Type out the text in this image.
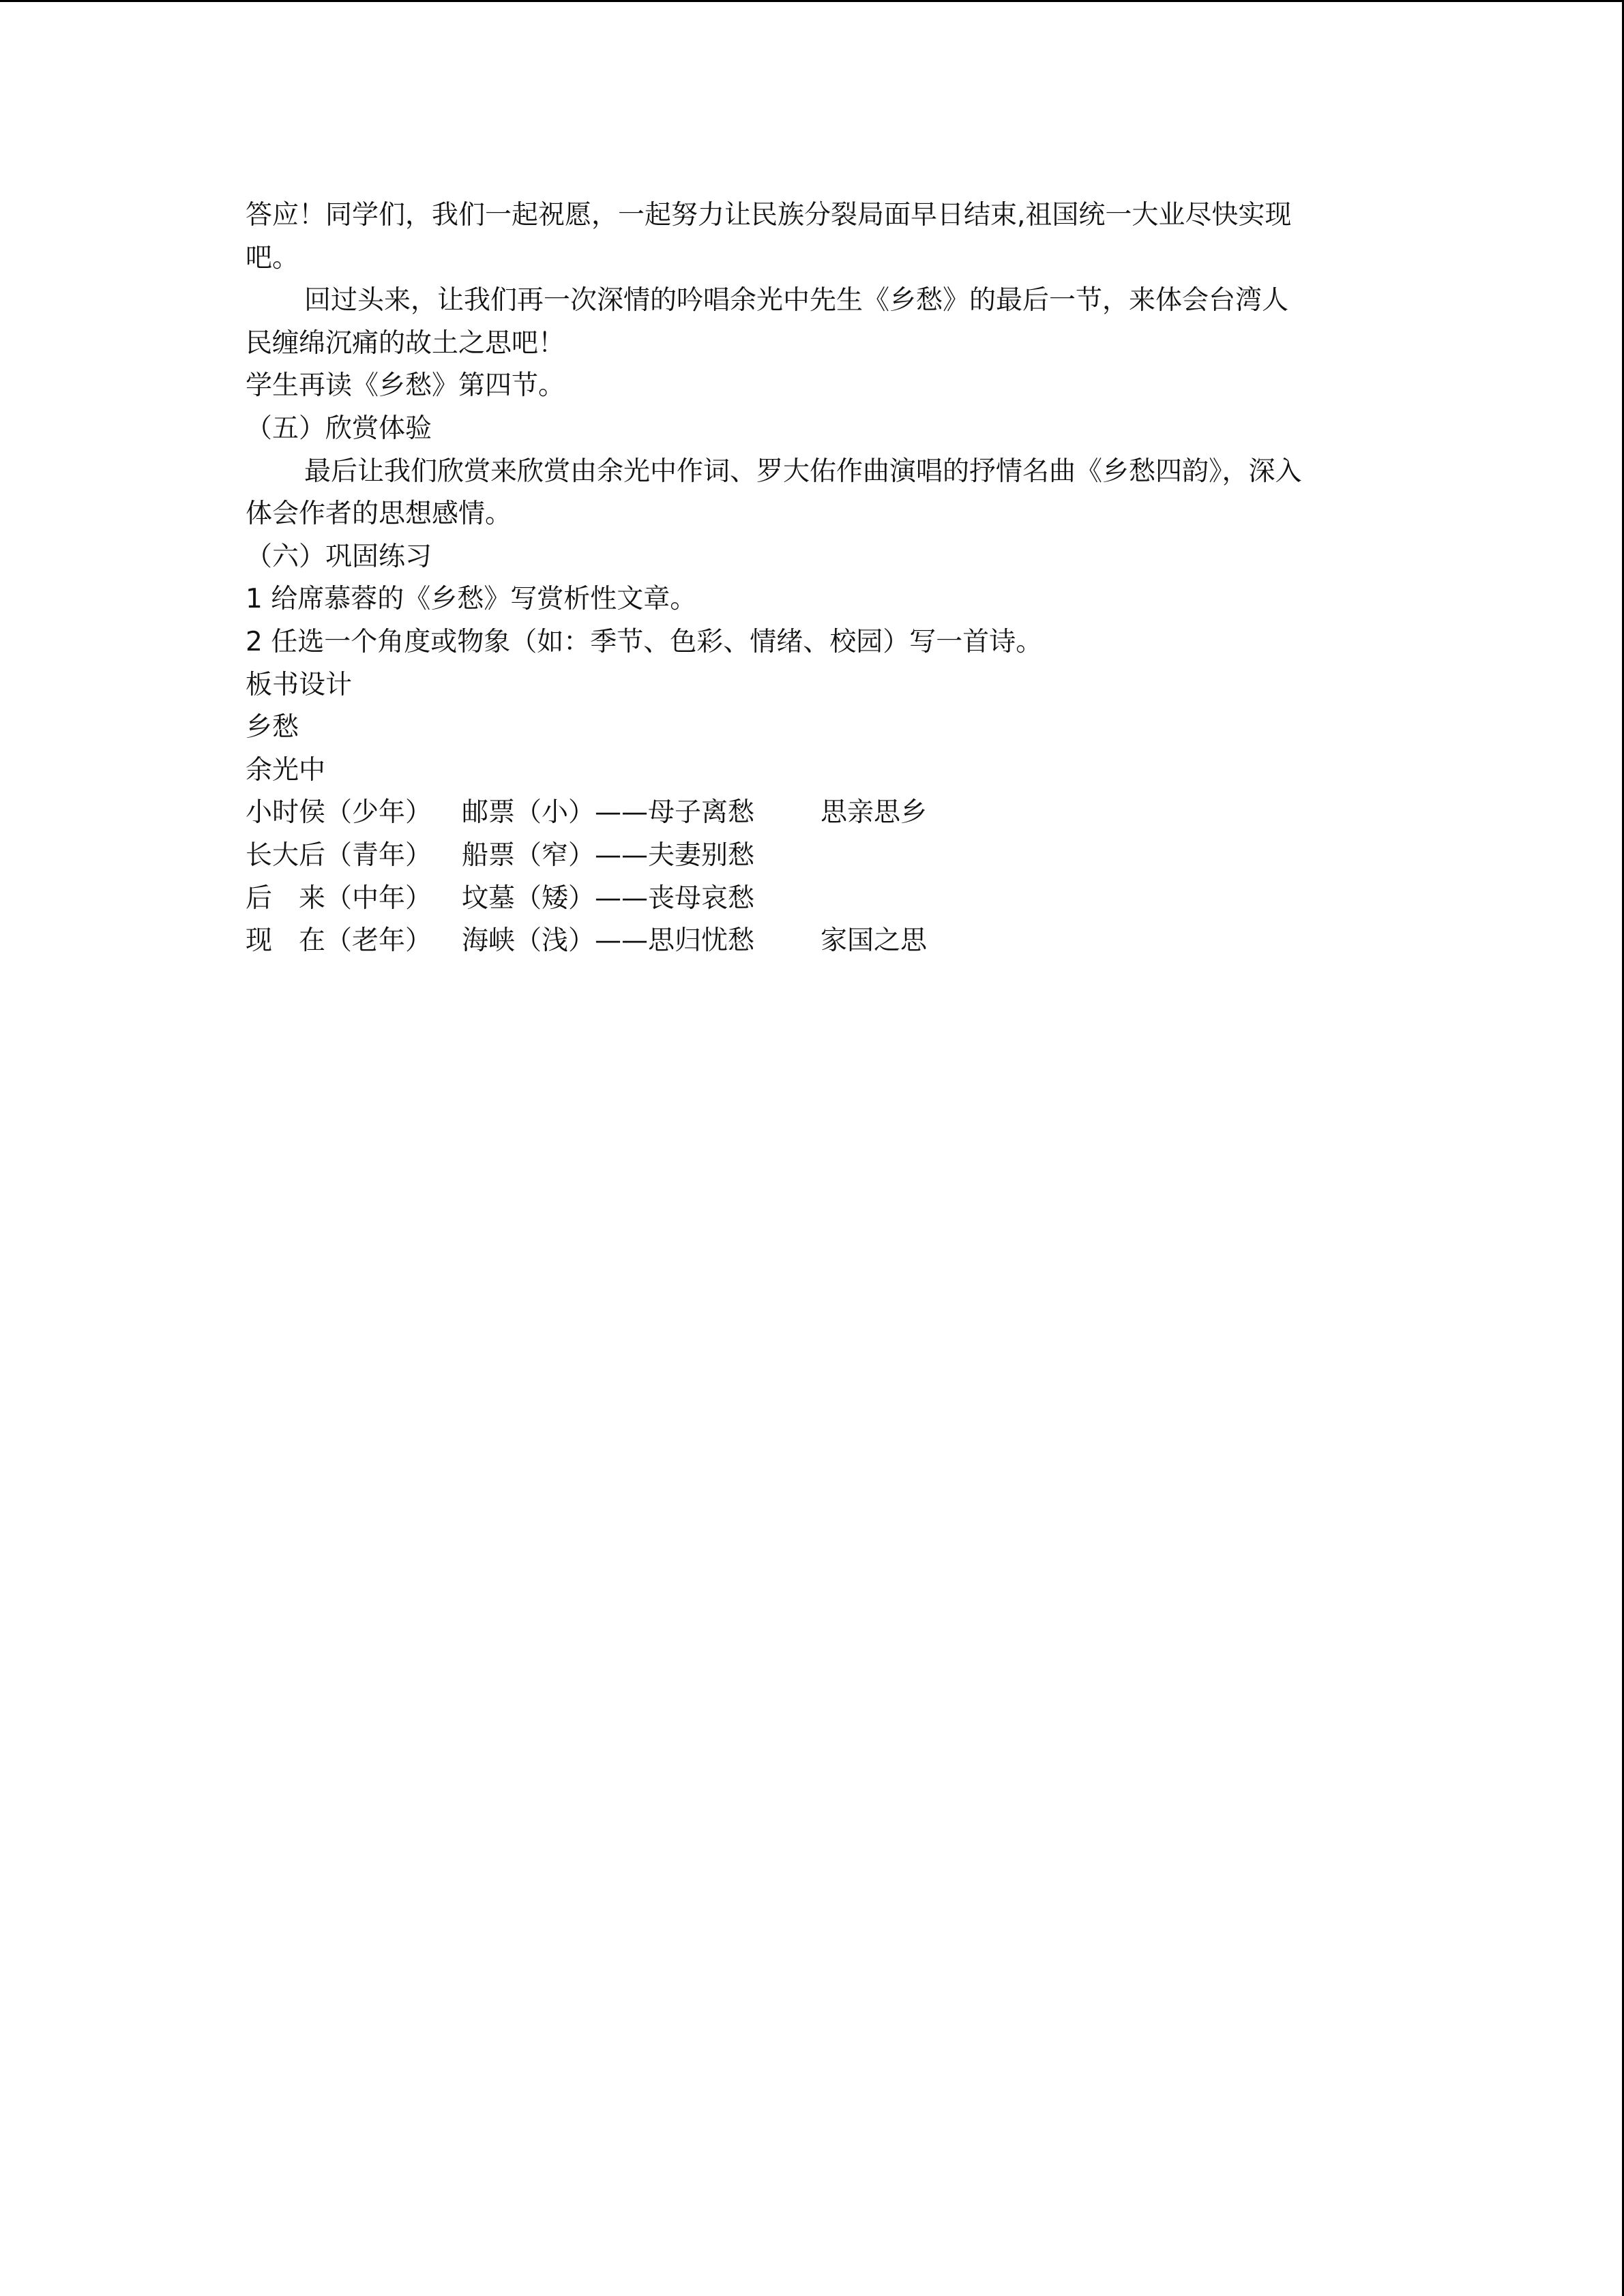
答应！同学们，我们一起祝愿，一起努力让民族分裂局面早日结束,祖国统一大业尽快实现
吧。
回过头来，让我们再一次深情的吟唱余光中先生《乡愁》的最后一节，来体会台湾人
民缠绵沉痛的故土之思吧！
学生再读《乡愁》第四节。
（五）欣赏体验
最后让我们欣赏来欣赏由余光中作词、罗大佑作曲演唱的抒情名曲《乡愁四韵》，深入
体会作者的思想感情。
（六）巩固练习
1 给席慕蓉的《乡愁》写赏析性文章。
2 任选一个角度或物象（如：季节、色彩、情绪、校园）写一首诗。
板书设计
乡愁
余光中
小时侯（少年） 邮票（小）——母子离愁 思亲思乡
长大后（青年） 船票（窄）——夫妻别愁
后　来（中年） 坟墓（矮）——丧母哀愁
现　在（老年） 海峡（浅）——思归忧愁 家国之思
